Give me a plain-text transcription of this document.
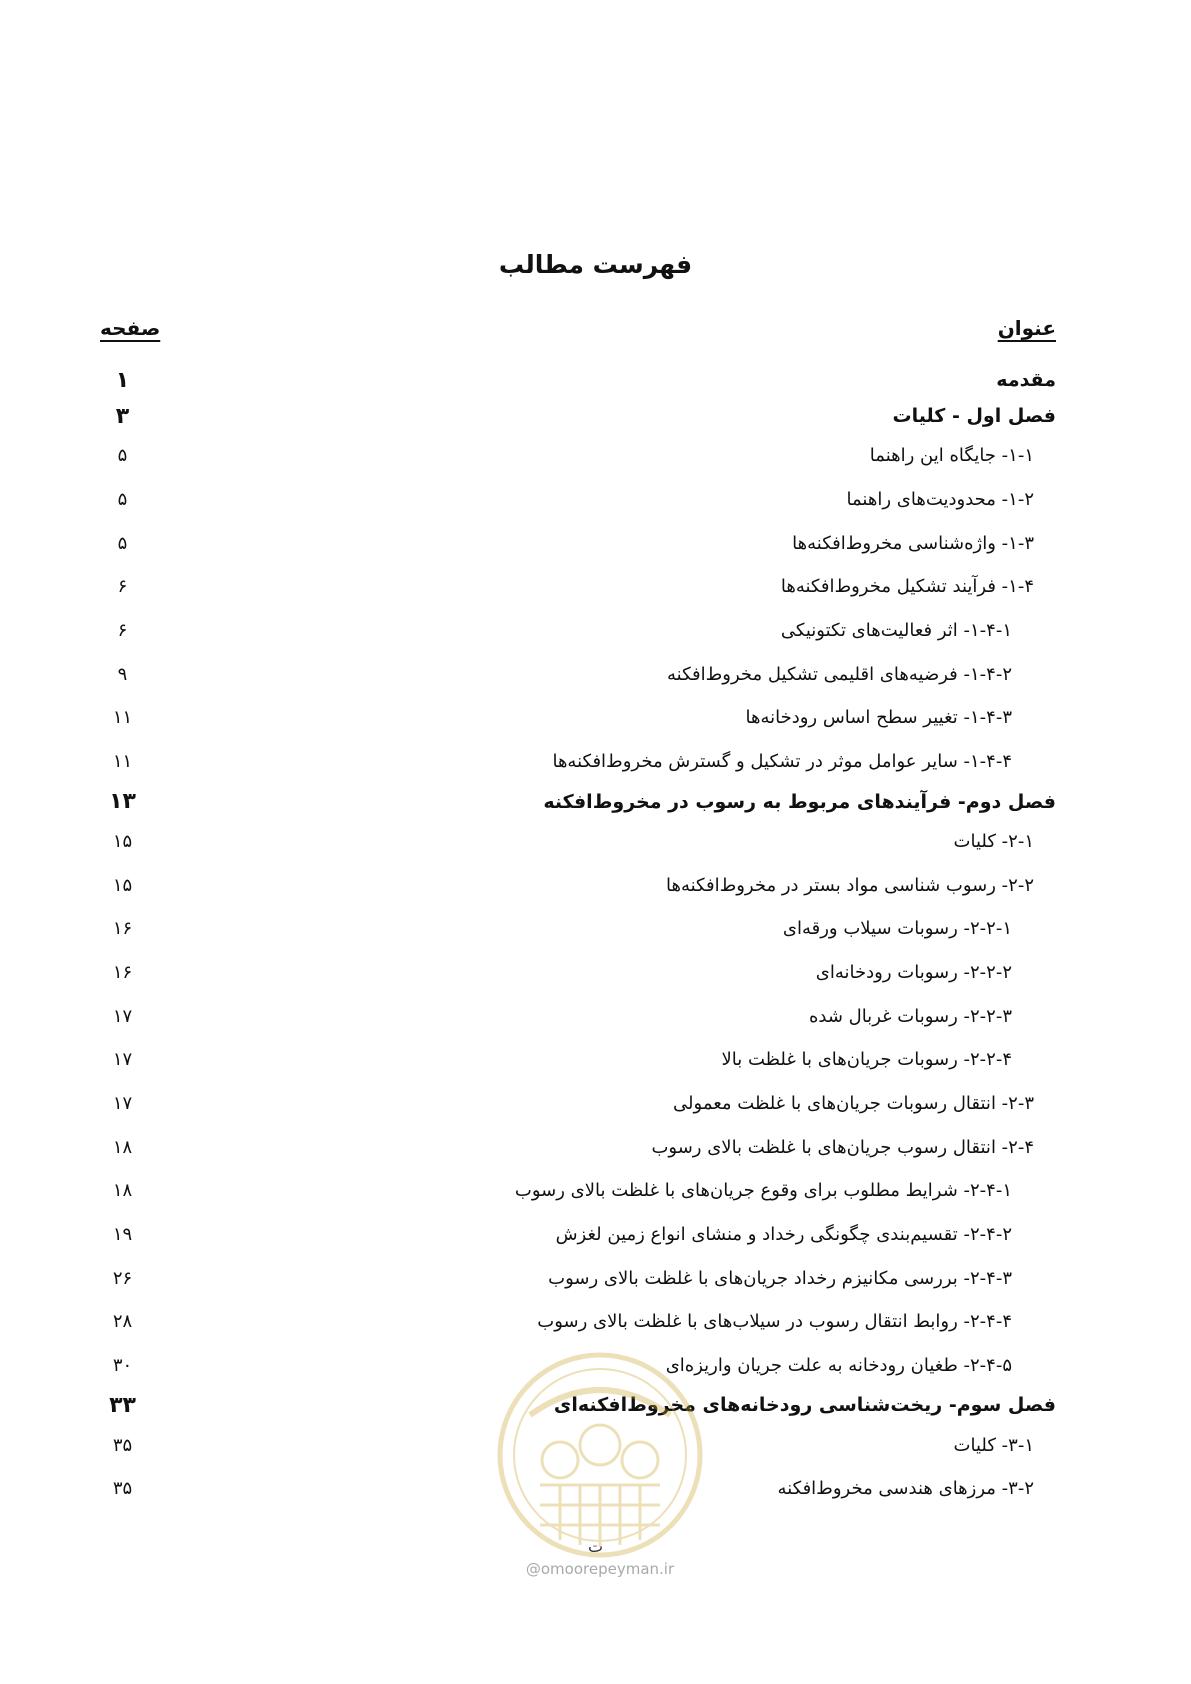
فهرست مطالب
عنوان
صفحه
مقدمه
۱
فصل اول - کلیات
۳
۱-۱- جایگاه این راهنما
۵
۱-۲- محدودیت‌های راهنما
۵
۱-۳- واژه‌شناسی مخروط‌افکنه‌ها
۵
۱-۴- فرآیند تشکیل مخروط‌افکنه‌ها
۶
۱-۴-۱- اثر فعالیت‌های تکتونیکی
۶
۱-۴-۲- فرضیه‌های اقلیمی تشکیل مخروط‌افکنه
۹
۱-۴-۳- تغییر سطح اساس رودخانه‌ها
۱۱
۱-۴-۴- سایر عوامل موثر در تشکیل و گسترش مخروط‌افکنه‌ها
۱۱
فصل دوم- فرآیندهای مربوط به رسوب در مخروط‌افکنه
۱۳
۲-۱- کلیات
۱۵
۲-۲- رسوب شناسی مواد بستر در مخروط‌افکنه‌ها
۱۵
۲-۲-۱- رسوبات سیلاب ورقه‌ای
۱۶
۲-۲-۲- رسوبات رودخانه‌ای
۱۶
۲-۲-۳- رسوبات غربال شده
۱۷
۲-۲-۴- رسوبات جریان‌های با غلظت بالا
۱۷
۲-۳- انتقال رسوبات جریان‌های با غلظت معمولی
۱۷
۲-۴- انتقال رسوب جریان‌های با غلظت بالای رسوب
۱۸
۲-۴-۱- شرایط مطلوب برای وقوع جریان‌های با غلظت بالای رسوب
۱۸
۲-۴-۲- تقسیم‌بندی چگونگی رخداد و منشای انواع زمین لغزش
۱۹
۲-۴-۳- بررسی مکانیزم رخداد جریان‌های با غلظت بالای رسوب
۲۶
۲-۴-۴- روابط انتقال رسوب در سیلاب‌های با غلظت بالای رسوب
۲۸
۲-۴-۵- طغیان رودخانه به علت جریان واریزه‌ای
۳۰
فصل سوم- ریخت‌شناسی رودخانه‌های مخروط‌افکنه‌ای
۳۳
۳-۱- کلیات
۳۵
۳-۲- مرزهای هندسی مخروط‌افکنه
۳۵
ت
@omoorepeyman.ir
